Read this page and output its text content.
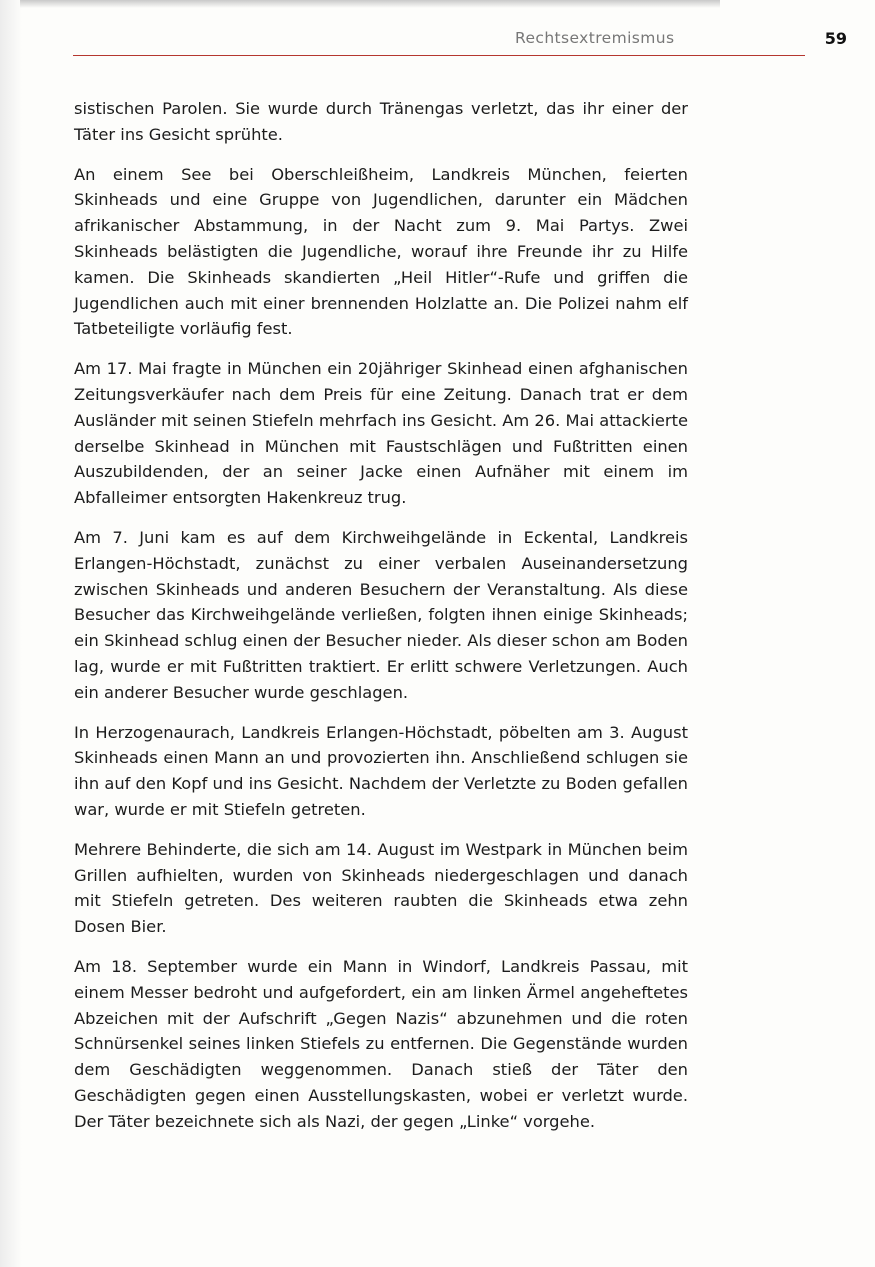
Rechtsextremismus	59

sistischen Parolen. Sie wurde durch Tränengas verletzt, das ihr einer der Täter ins Gesicht sprühte.

An einem See bei Oberschleißheim, Landkreis München, feierten Skinheads und eine Gruppe von Jugendlichen, darunter ein Mädchen afrikanischer Abstammung, in der Nacht zum 9. Mai Partys. Zwei Skinheads belästigten die Jugendliche, worauf ihre Freunde ihr zu Hilfe kamen. Die Skinheads skandierten „Heil Hitler“-Rufe und griffen die Jugendlichen auch mit einer brennenden Holzlatte an. Die Polizei nahm elf Tatbeteiligte vorläufig fest.

Am 17. Mai fragte in München ein 20jähriger Skinhead einen afghanischen Zeitungsverkäufer nach dem Preis für eine Zeitung. Danach trat er dem Ausländer mit seinen Stiefeln mehrfach ins Gesicht. Am 26. Mai attackierte derselbe Skinhead in München mit Faustschlägen und Fußtritten einen Auszubildenden, der an seiner Jacke einen Aufnäher mit einem im Abfalleimer entsorgten Hakenkreuz trug.

Am 7. Juni kam es auf dem Kirchweihgelände in Eckental, Landkreis Erlangen-Höchstadt, zunächst zu einer verbalen Auseinandersetzung zwischen Skinheads und anderen Besuchern der Veranstaltung. Als diese Besucher das Kirchweihgelände verließen, folgten ihnen einige Skinheads; ein Skinhead schlug einen der Besucher nieder. Als dieser schon am Boden lag, wurde er mit Fußtritten traktiert. Er erlitt schwere Verletzungen. Auch ein anderer Besucher wurde geschlagen.

In Herzogenaurach, Landkreis Erlangen-Höchstadt, pöbelten am 3. August Skinheads einen Mann an und provozierten ihn. Anschließend schlugen sie ihn auf den Kopf und ins Gesicht. Nachdem der Verletzte zu Boden gefallen war, wurde er mit Stiefeln getreten.

Mehrere Behinderte, die sich am 14. August im Westpark in München beim Grillen aufhielten, wurden von Skinheads niedergeschlagen und danach mit Stiefeln getreten. Des weiteren raubten die Skinheads etwa zehn Dosen Bier.

Am 18. September wurde ein Mann in Windorf, Landkreis Passau, mit einem Messer bedroht und aufgefordert, ein am linken Ärmel angeheftetes Abzeichen mit der Aufschrift „Gegen Nazis“ abzunehmen und die roten Schnürsenkel seines linken Stiefels zu entfernen. Die Gegenstände wurden dem Geschädigten weggenommen. Danach stieß der Täter den Geschädigten gegen einen Ausstellungskasten, wobei er verletzt wurde. Der Täter bezeichnete sich als Nazi, der gegen „Linke“ vorgehe.
